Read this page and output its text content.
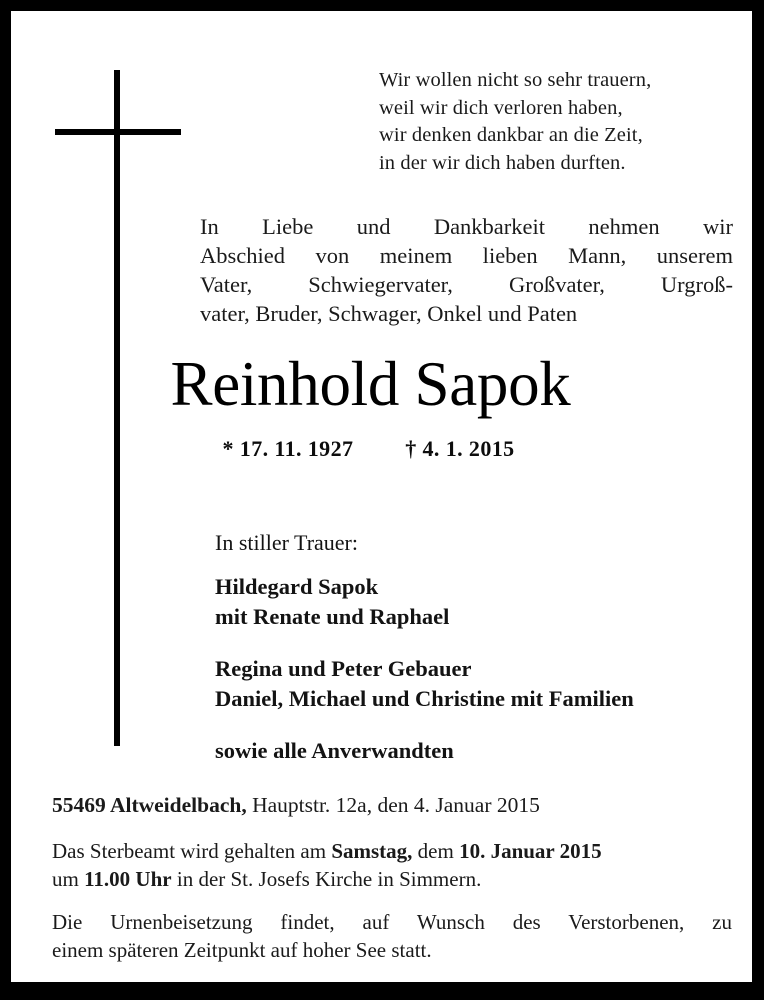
Wir wollen nicht so sehr trauern,
weil wir dich verloren haben,
wir denken dankbar an die Zeit,
in der wir dich haben durften.
In Liebe und Dankbarkeit nehmen wir
Abschied von meinem lieben Mann, unserem
Vater, Schwiegervater, Großvater, Urgroß-
vater, Bruder, Schwager, Onkel und Paten
Reinhold Sapok
* 17. 11. 1927 † 4. 1. 2015
In stiller Trauer:
Hildegard Sapok
mit Renate und Raphael
Regina und Peter Gebauer
Daniel, Michael und Christine mit Familien
sowie alle Anverwandten
55469 Altweidelbach, Hauptstr. 12a, den 4. Januar 2015
Das Sterbeamt wird gehalten am Samstag, dem 10. Januar 2015
um 11.00 Uhr in der St. Josefs Kirche in Simmern.
Die Urnenbeisetzung findet, auf Wunsch des Verstorbenen, zu
einem späteren Zeitpunkt auf hoher See statt.
